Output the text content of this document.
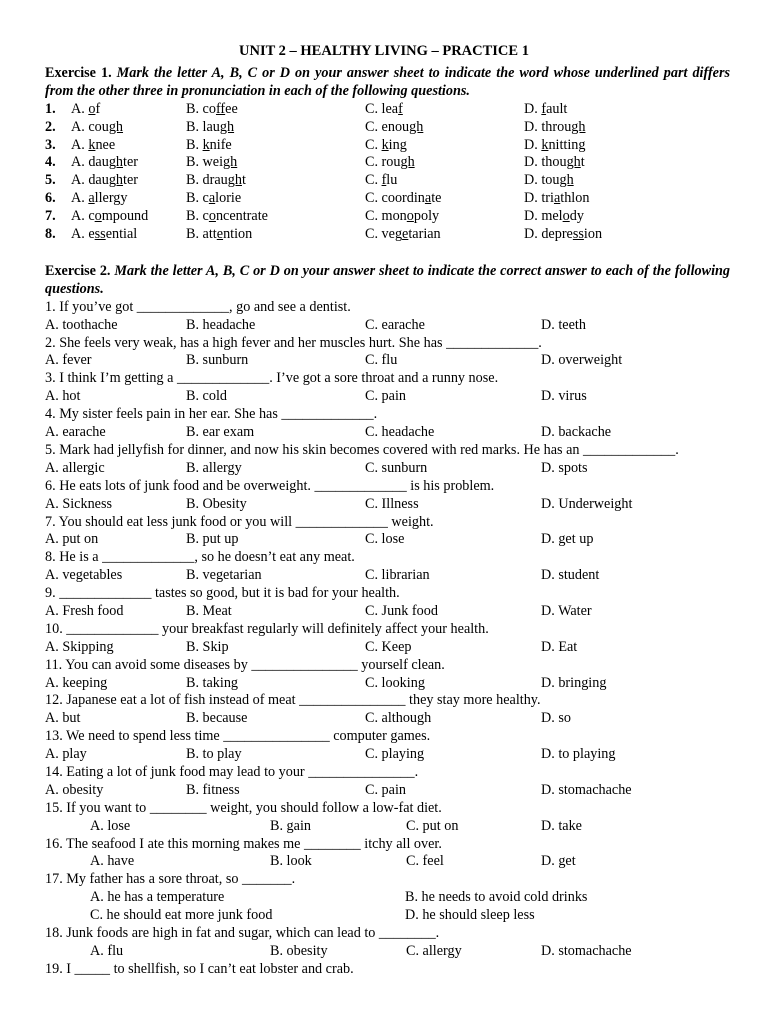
UNIT 2 – HEALTHY LIVING – PRACTICE 1
Exercise 1. Mark the letter A, B, C or D on your answer sheet to indicate the word whose underlined part differs from the other three in pronunciation in each of the following questions.
1. A. of	B. coffee	C. leaf	D. fault
2. A. cough	B. laugh	C. enough	D. through
3. A. knee	B. knife	C. king	D. knitting
4. A. daughter	B. weigh	C. rough	D. thought
5. A. daughter	B. draught	C. flu	D. tough
6. A. allergy	B. calorie	C. coordinate	D. triathlon
7. A. compound	B. concentrate	C. monopoly	D. melody
8. A. essential	B. attention	C. vegetarian	D. depression
Exercise 2. Mark the letter A, B, C or D on your answer sheet to indicate the correct answer to each of the following questions.
1. If you’ve got _____________, go and see a dentist.
A. toothache	B. headache	C. earache	D. teeth
2. She feels very weak, has a high fever and her muscles hurt. She has _____________.
A. fever	B. sunburn	C. flu	D. overweight
3. I think I’m getting a _____________. I’ve got a sore throat and a runny nose.
A. hot	B. cold	C. pain	D. virus
4. My sister feels pain in her ear. She has _____________.
A. earache	B. ear exam	C. headache	D. backache
5. Mark had jellyfish for dinner, and now his skin becomes covered with red marks. He has an _____________.
A. allergic	B. allergy	C. sunburn	D. spots
6. He eats lots of junk food and be overweight. _____________ is his problem.
A. Sickness	B. Obesity	C. Illness	D. Underweight
7. You should eat less junk food or you will _____________ weight.
A. put on	B. put up	C. lose	D. get up
8. He is a _____________, so he doesn’t eat any meat.
A. vegetables	B. vegetarian	C. librarian	D. student
9. _____________ tastes so good, but it is bad for your health.
A. Fresh food	B. Meat	C. Junk food	D. Water
10. _____________ your breakfast regularly will definitely affect your health.
A. Skipping	B. Skip	C. Keep	D. Eat
11. You can avoid some diseases by _______________ yourself clean.
A. keeping	B. taking	C. looking	D. bringing
12. Japanese eat a lot of fish instead of meat _______________ they stay more healthy.
A. but	B. because	C. although	D. so
13. We need to spend less time _______________ computer games.
A. play	B. to play	C. playing	D. to playing
14. Eating a lot of junk food may lead to your _______________.
A. obesity	B. fitness	C. pain	D. stomachache
15. If you want to ________ weight, you should follow a low-fat diet.
A. lose	B. gain	C. put on	D. take
16. The seafood I ate this morning makes me ________ itchy all over.
A. have	B. look	C. feel	D. get
17. My father has a sore throat, so _______.
A. he has a temperature	B. he needs to avoid cold drinks
C. he should eat more junk food	D. he should sleep less
18. Junk foods are high in fat and sugar, which can lead to ________.
A. flu	B. obesity	C. allergy	D. stomachache
19. I _____ to shellfish, so I can’t eat lobster and crab.
